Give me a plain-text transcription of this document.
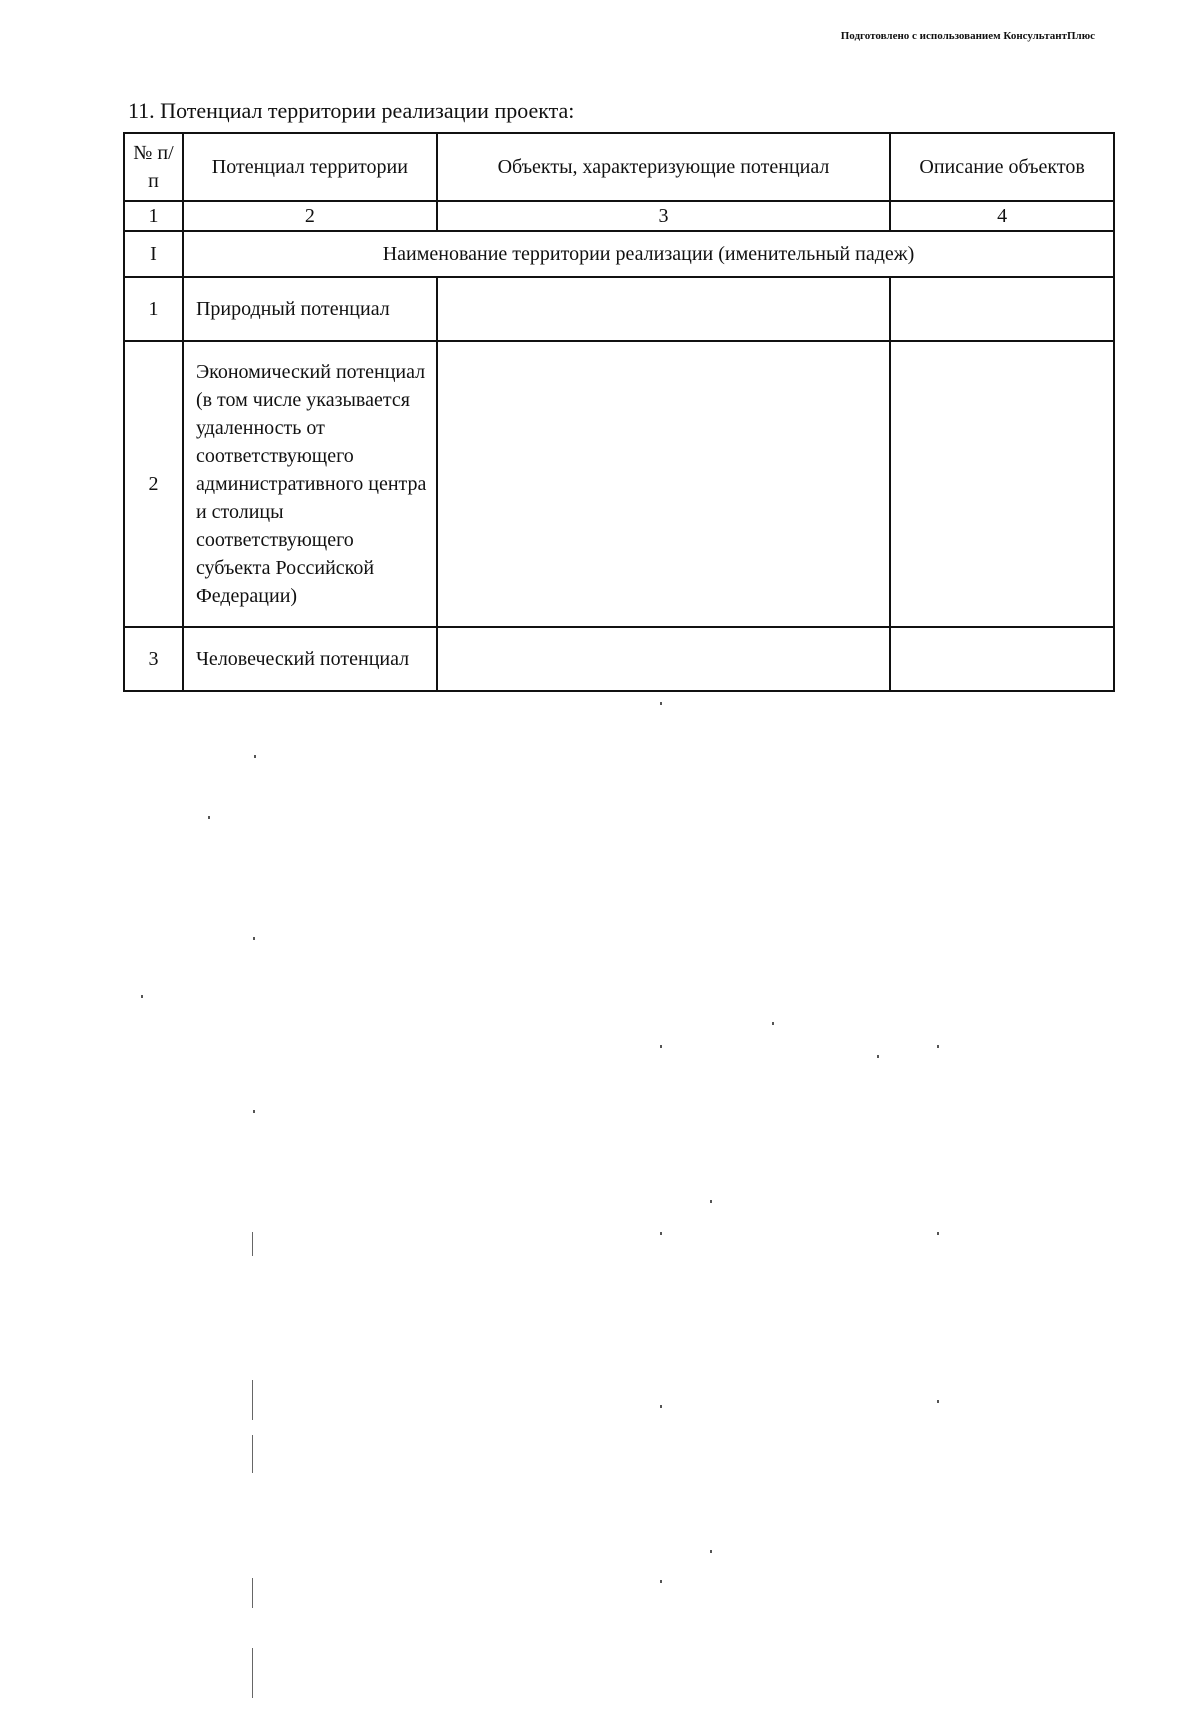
Подготовлено с использованием КонсультантПлюс
11. Потенциал территории реализации проекта:
№ п/п	Потенциал территории	Объекты, характеризующие потенциал	Описание объектов
1	2	3	4
I	Наименование территории реализации (именительный падеж)		
1	Природный потенциал		
2	Экономический потенциал (в том числе указывается удаленность от соответствующего административного центра и столицы соответствующего субъекта Российской Федерации)		
3	Человеческий потенциал		
